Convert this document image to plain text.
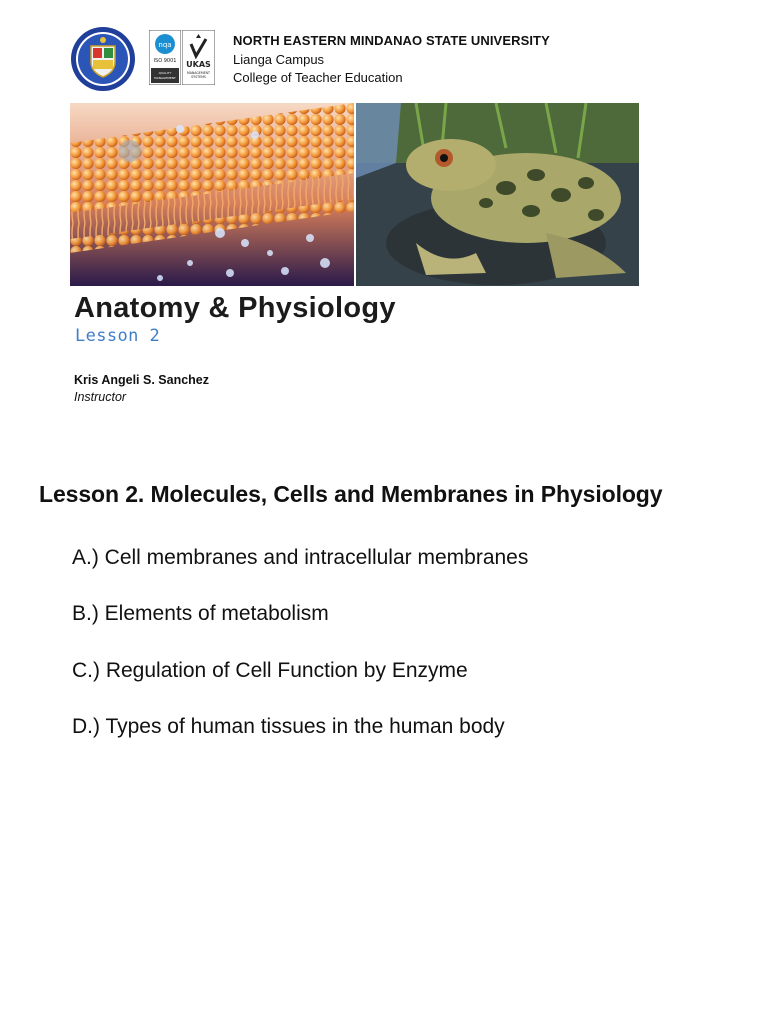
nqa
ISO 9001
QUALITY
MANAGEMENT
UKAS
MANAGEMENT
SYSTEMS
NORTH EASTERN MINDANAO STATE UNIVERSITY
Lianga Campus
College of Teacher Education
Anatomy & Physiology
Lesson 2
Kris Angeli S. Sanchez
Instructor
Lesson 2. Molecules, Cells and Membranes in Physiology
A.) Cell membranes and intracellular membranes
B.) Elements of metabolism
C.) Regulation of Cell Function by Enzyme
D.) Types of human tissues in the human body
